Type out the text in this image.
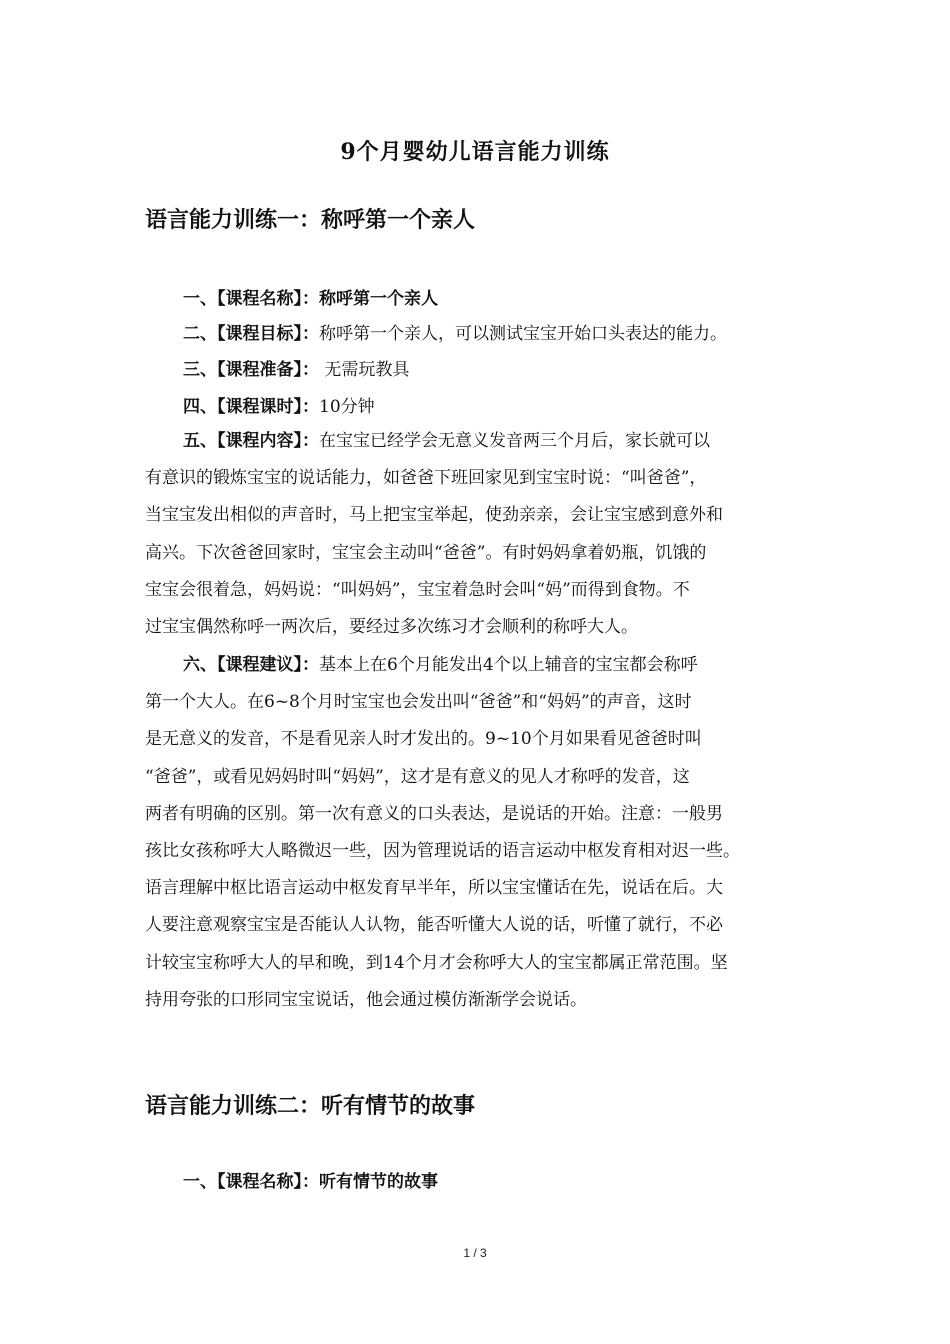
9个月婴幼儿语言能力训练
语言能力训练一：称呼第一个亲人
一、【课程名称】：称呼第一个亲人
二、【课程目标】：称呼第一个亲人，可以测试宝宝开始口头表达的能力。
三、【课程准备】： 无需玩教具
四、【课程课时】：10分钟
五、【课程内容】：在宝宝已经学会无意义发音两三个月后，家长就可以
有意识的锻炼宝宝的说话能力，如爸爸下班回家见到宝宝时说：“叫爸爸”，
当宝宝发出相似的声音时，马上把宝宝举起，使劲亲亲，会让宝宝感到意外和
高兴。下次爸爸回家时，宝宝会主动叫“爸爸”。有时妈妈拿着奶瓶，饥饿的
宝宝会很着急，妈妈说：“叫妈妈”，宝宝着急时会叫“妈”而得到食物。不
过宝宝偶然称呼一两次后，要经过多次练习才会顺利的称呼大人。
六、【课程建议】：基本上在6个月能发出4个以上辅音的宝宝都会称呼
第一个大人。在6~8个月时宝宝也会发出叫“爸爸”和“妈妈”的声音，这时
是无意义的发音，不是看见亲人时才发出的。9~10个月如果看见爸爸时叫
“爸爸”，或看见妈妈时叫“妈妈”，这才是有意义的见人才称呼的发音，这
两者有明确的区别。第一次有意义的口头表达，是说话的开始。注意：一般男
孩比女孩称呼大人略微迟一些，因为管理说话的语言运动中枢发育相对迟一些。
语言理解中枢比语言运动中枢发育早半年，所以宝宝懂话在先，说话在后。大
人要注意观察宝宝是否能认人认物，能否听懂大人说的话，听懂了就行，不必
计较宝宝称呼大人的早和晚，到14个月才会称呼大人的宝宝都属正常范围。坚
持用夸张的口形同宝宝说话，他会通过模仿渐渐学会说话。
语言能力训练二：听有情节的故事
一、【课程名称】：听有情节的故事
1 / 3
